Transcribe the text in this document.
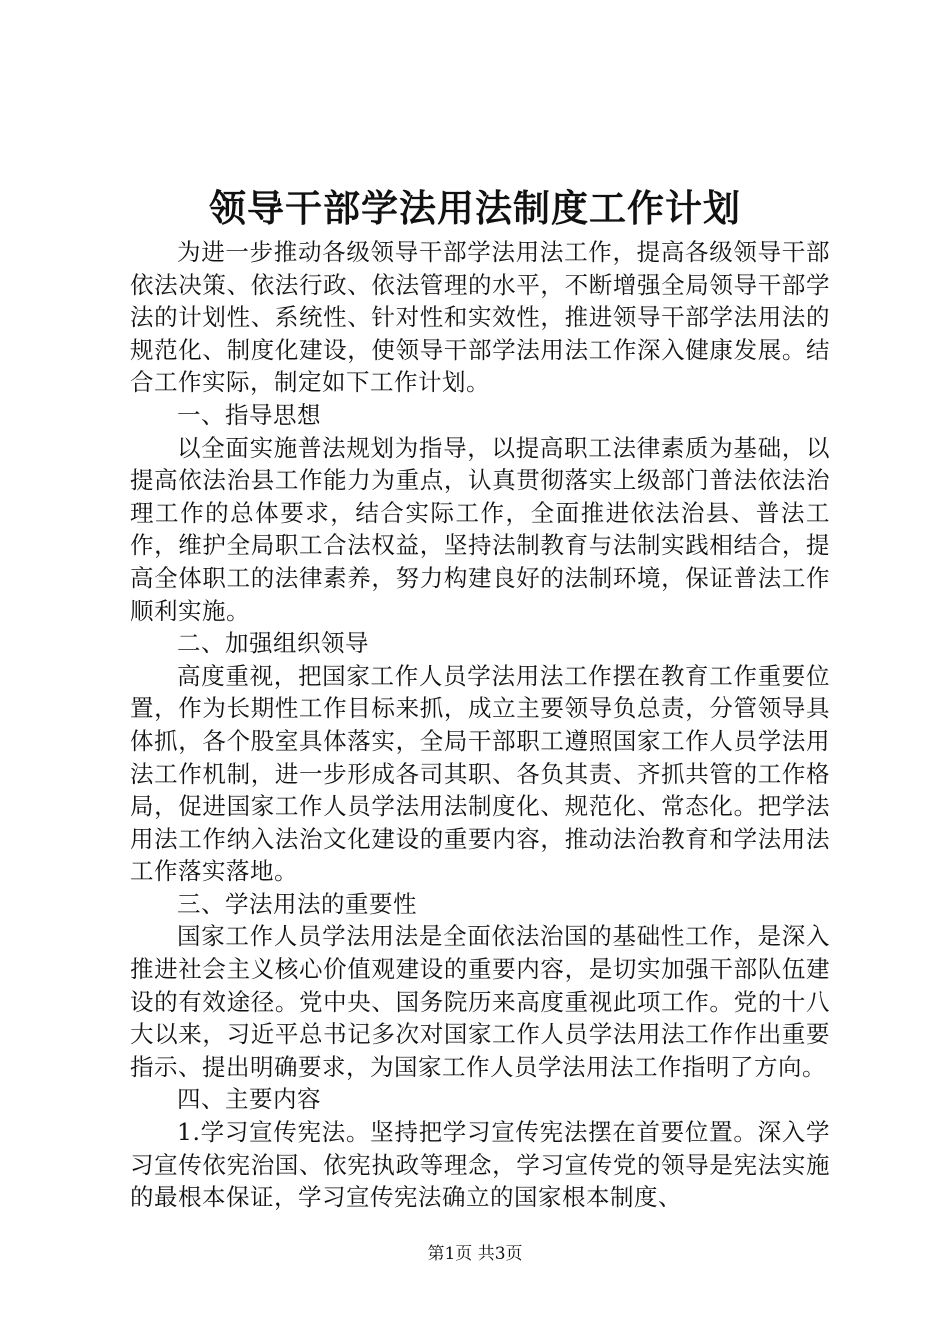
领导干部学法用法制度工作计划

为进一步推动各级领导干部学法用法工作，提高各级领导干部依法决策、依法行政、依法管理的水平，不断增强全局领导干部学法的计划性、系统性、针对性和实效性，推进领导干部学法用法的规范化、制度化建设，使领导干部学法用法工作深入健康发展。结合工作实际，制定如下工作计划。

一、指导思想

以全面实施普法规划为指导，以提高职工法律素质为基础，以提高依法治县工作能力为重点，认真贯彻落实上级部门普法依法治理工作的总体要求，结合实际工作，全面推进依法治县、普法工作，维护全局职工合法权益，坚持法制教育与法制实践相结合，提高全体职工的法律素养，努力构建良好的法制环境，保证普法工作顺利实施。

二、加强组织领导

高度重视，把国家工作人员学法用法工作摆在教育工作重要位置，作为长期性工作目标来抓，成立主要领导负总责，分管领导具体抓，各个股室具体落实，全局干部职工遵照国家工作人员学法用法工作机制，进一步形成各司其职、各负其责、齐抓共管的工作格局，促进国家工作人员学法用法制度化、规范化、常态化。把学法用法工作纳入法治文化建设的重要内容，推动法治教育和学法用法工作落实落地。

三、学法用法的重要性

国家工作人员学法用法是全面依法治国的基础性工作，是深入推进社会主义核心价值观建设的重要内容，是切实加强干部队伍建设的有效途径。党中央、国务院历来高度重视此项工作。党的十八大以来，习近平总书记多次对国家工作人员学法用法工作作出重要指示、提出明确要求，为国家工作人员学法用法工作指明了方向。

四、主要内容

1.学习宣传宪法。坚持把学习宣传宪法摆在首要位置。深入学习宣传依宪治国、依宪执政等理念，学习宣传党的领导是宪法实施的最根本保证，学习宣传宪法确立的国家根本制度、

第1页 共3页
